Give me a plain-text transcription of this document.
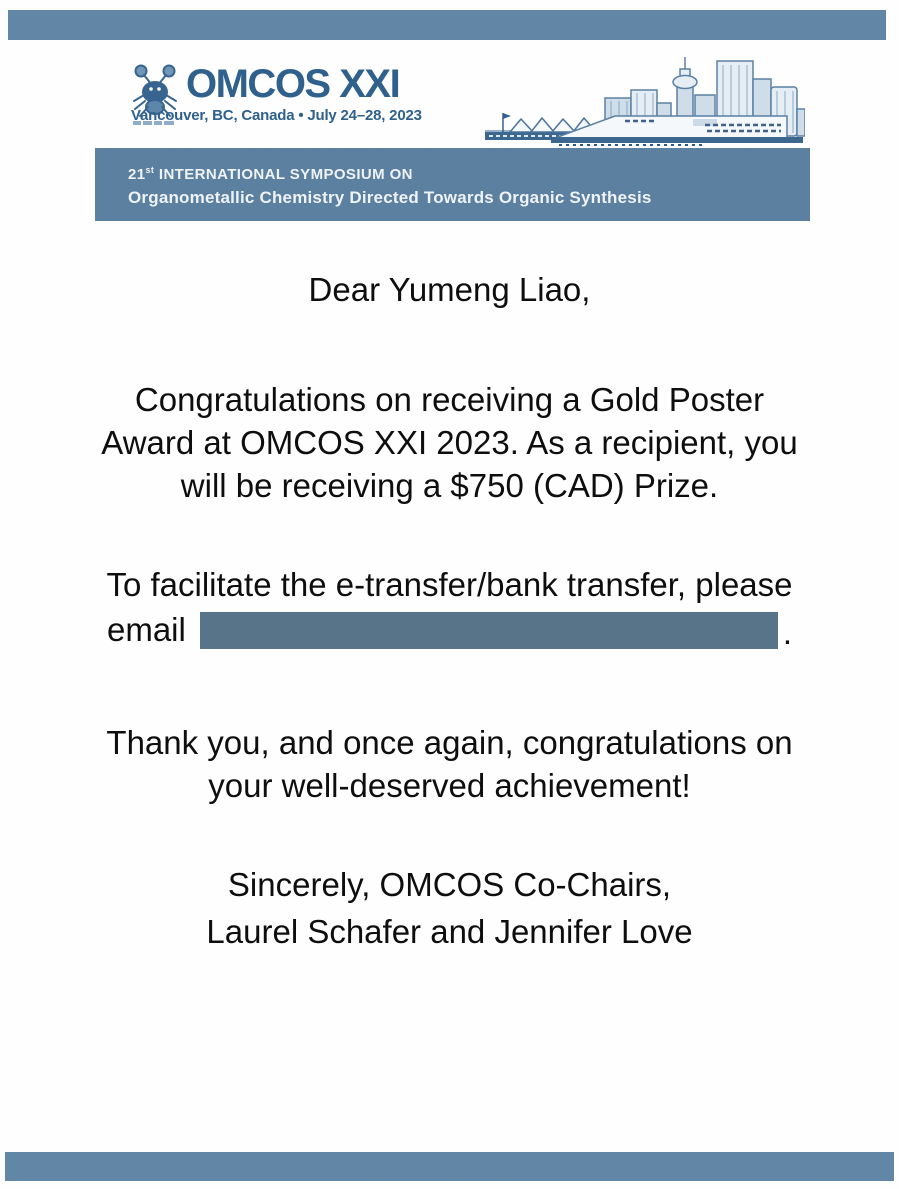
OMCOS XXI
Vancouver, BC, Canada • July 24–28, 2023
21st INTERNATIONAL SYMPOSIUM ON
Organometallic Chemistry Directed Towards Organic Synthesis
Dear Yumeng Liao,
Congratulations on receiving a Gold Poster
Award at OMCOS XXI 2023. As a recipient, you
will be receiving a $750 (CAD) Prize.
To facilitate the e-transfer/bank transfer, please
email	.
Thank you, and once again, congratulations on
your well-deserved achievement!
Sincerely, OMCOS Co-Chairs,
Laurel Schafer and Jennifer Love
